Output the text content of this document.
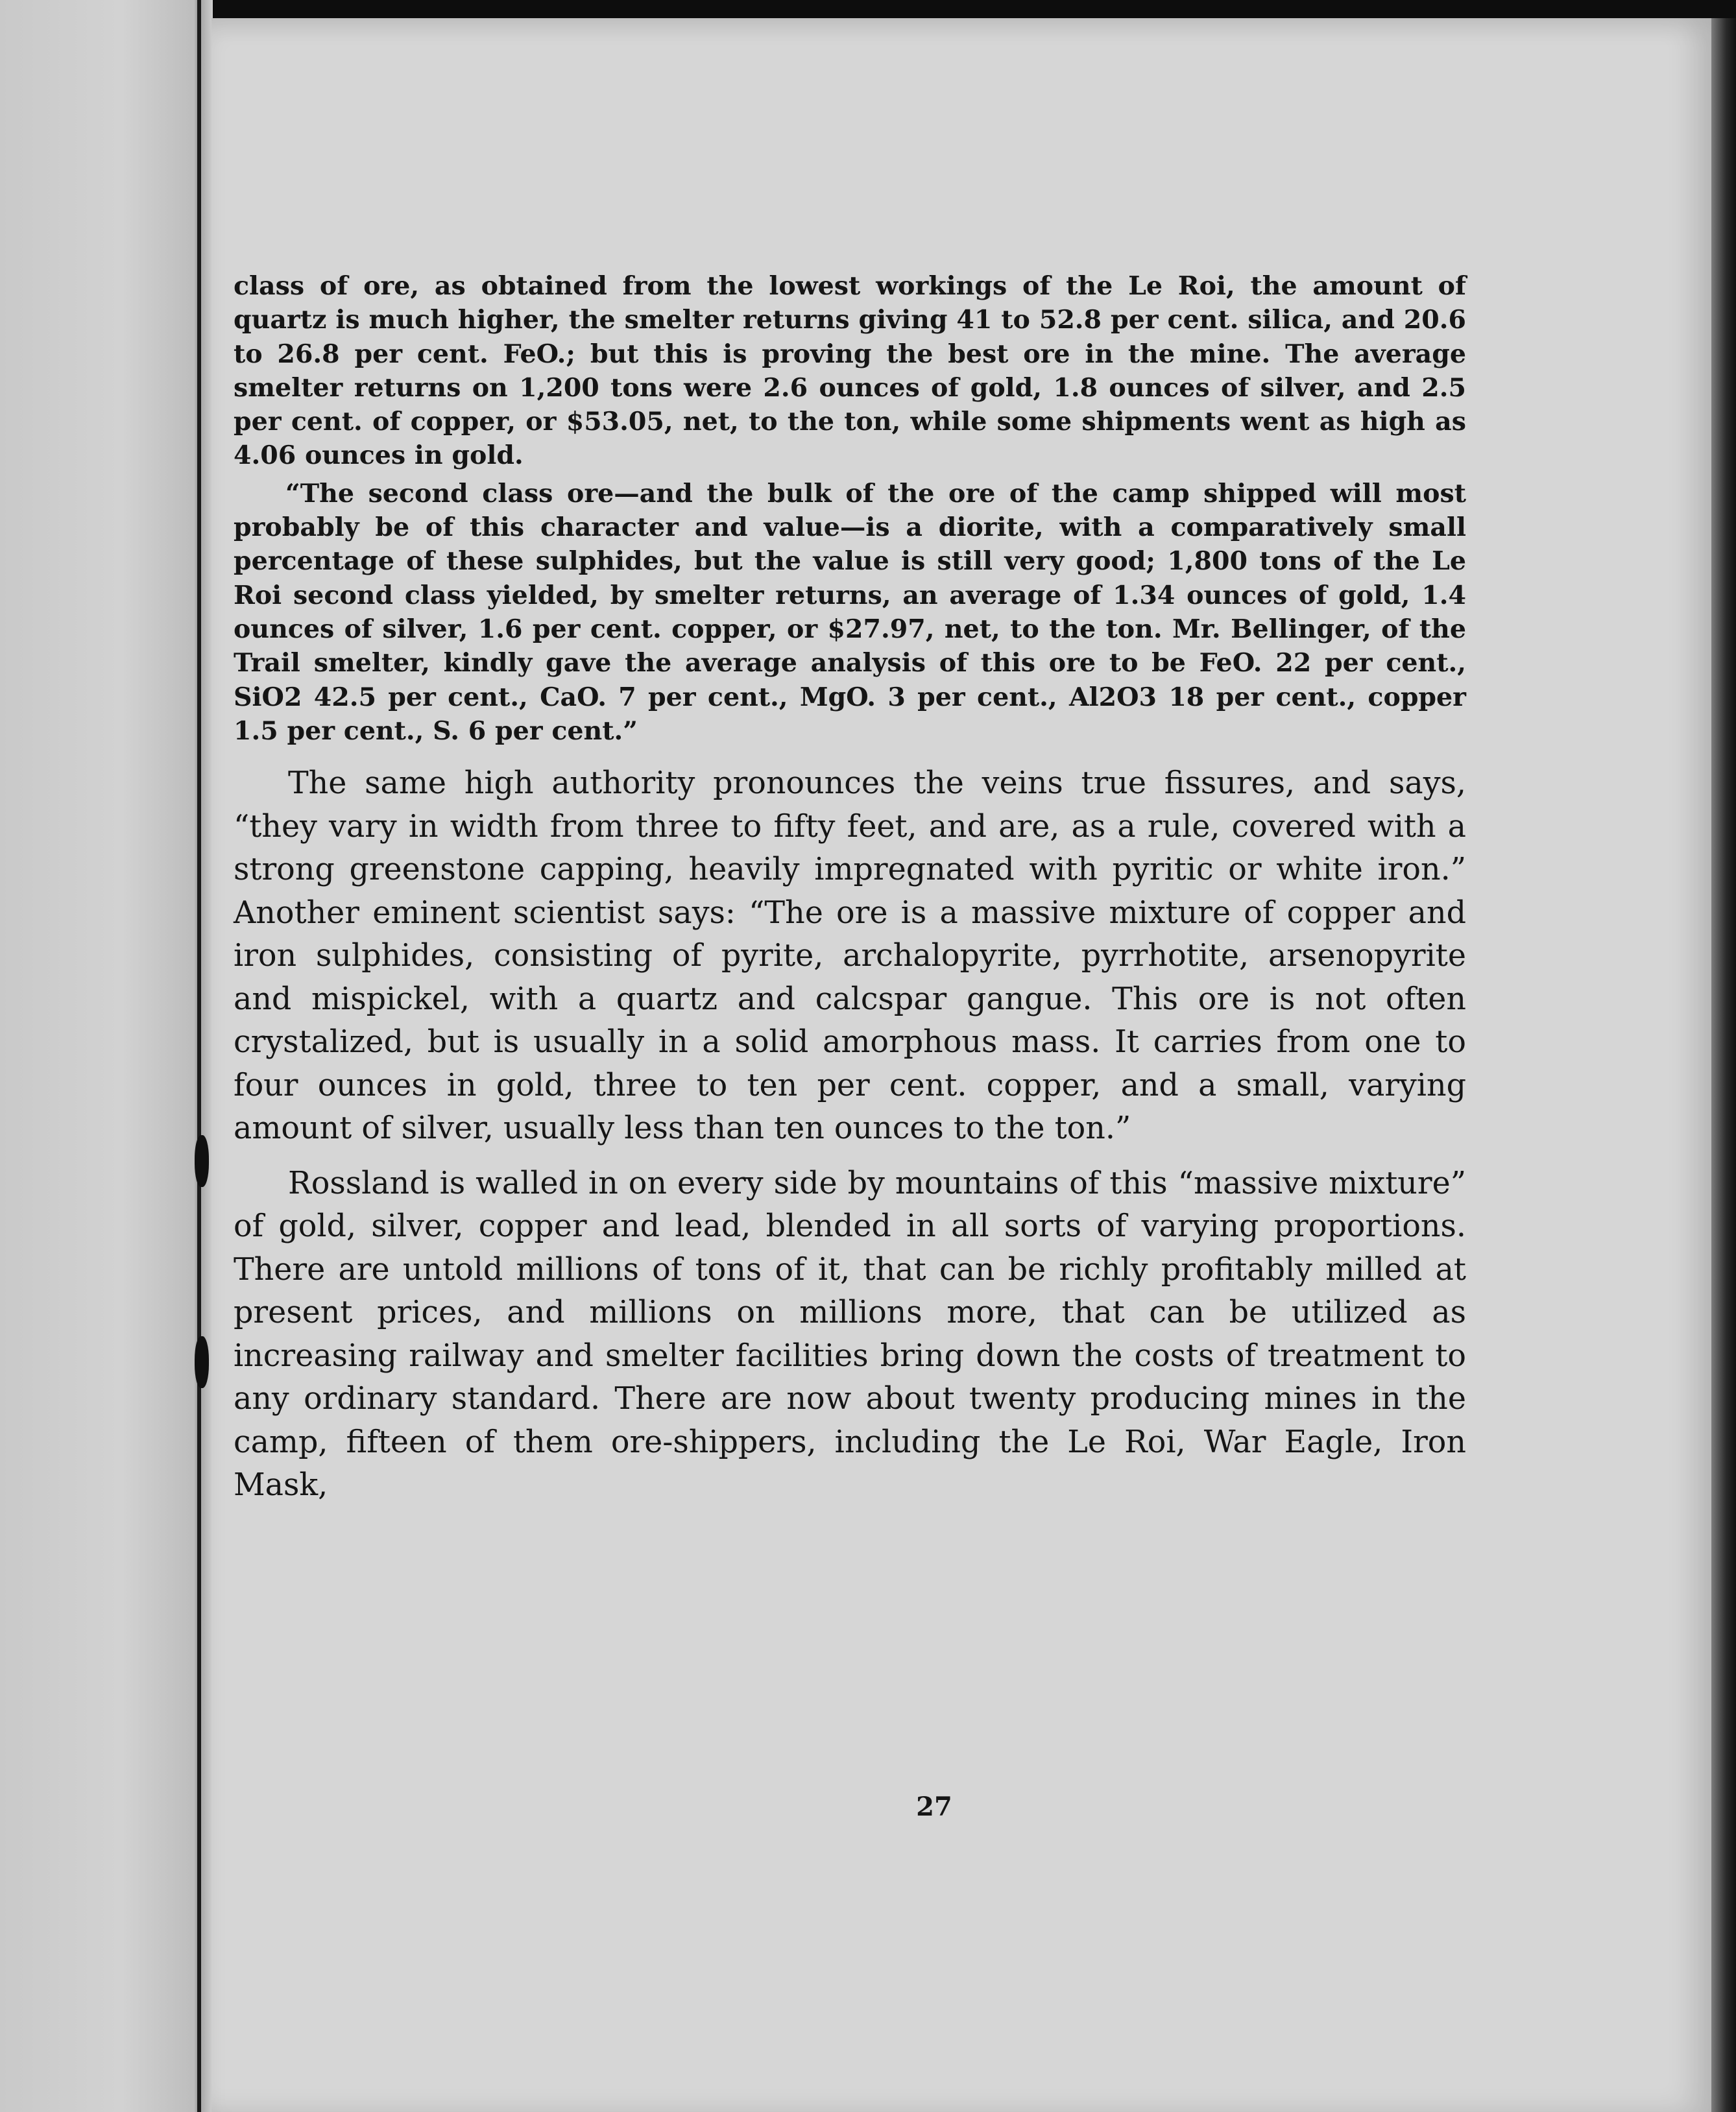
class of ore, as obtained from the lowest workings of the Le Roi, the amount of quartz is much higher, the smelter returns giving 41 to 52.8 per cent. silica, and 20.6 to 26.8 per cent. FeO.; but this is proving the best ore in the mine. The average smelter returns on 1,200 tons were 2.6 ounces of gold, 1.8 ounces of silver, and 2.5 per cent. of copper, or $53.05, net, to the ton, while some shipments went as high as 4.06 ounces in gold.

“The second class ore—and the bulk of the ore of the camp shipped will most probably be of this character and value—is a diorite, with a comparatively small percentage of these sulphides, but the value is still very good; 1,800 tons of the Le Roi second class yielded, by smelter returns, an average of 1.34 ounces of gold, 1.4 ounces of silver, 1.6 per cent. copper, or $27.97, net, to the ton. Mr. Bellinger, of the Trail smelter, kindly gave the average analysis of this ore to be FeO. 22 per cent., SiO2 42.5 per cent., CaO. 7 per cent., MgO. 3 per cent., Al2O3 18 per cent., copper 1.5 per cent., S. 6 per cent.”

The same high authority pronounces the veins true fissures, and says, “they vary in width from three to fifty feet, and are, as a rule, covered with a strong greenstone capping, heavily impregnated with pyritic or white iron.” Another eminent scientist says: “The ore is a massive mixture of copper and iron sulphides, consisting of pyrite, archalopyrite, pyrrhotite, arsenopyrite and mispickel, with a quartz and calcspar gangue. This ore is not often crystalized, but is usually in a solid amorphous mass. It carries from one to four ounces in gold, three to ten per cent. copper, and a small, varying amount of silver, usually less than ten ounces to the ton.”

Rossland is walled in on every side by mountains of this “massive mixture” of gold, silver, copper and lead, blended in all sorts of varying proportions. There are untold millions of tons of it, that can be richly profitably milled at present prices, and millions on millions more, that can be utilized as increasing railway and smelter facilities bring down the costs of treatment to any ordinary standard. There are now about twenty producing mines in the camp, fifteen of them ore-shippers, including the Le Roi, War Eagle, Iron Mask,

27
